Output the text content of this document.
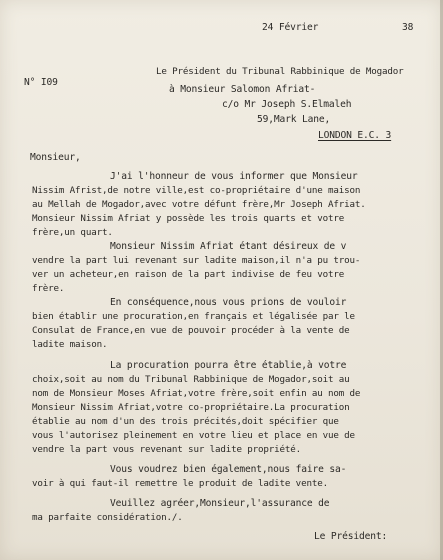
24 Février	38
N° I09
Le Président du Tribunal Rabbinique de Mogador
à Monsieur Salomon Afriat-
c/o Mr Joseph S.Elmaleh
59,Mark Lane,
LONDON E.C. 3
Monsieur,
J'ai l'honneur de vous informer que Monsieur
Nissim Afrist,de notre ville,est co-propriétaire d'une maison
au Mellah de Mogador,avec votre défunt frère,Mr Joseph Afriat.
Monsieur Nissim Afriat y possède les trois quarts et votre
frère,un quart.
Monsieur Nissim Afriat étant désireux de v
vendre la part lui revenant sur ladite maison,il n'a pu trou-
ver un acheteur,en raison de la part indivise de feu votre
frère.
En conséquence,nous vous prions de vouloir
bien établir une procuration,en français et légalisée par le
Consulat de France,en vue de pouvoir procéder à la vente de
ladite maison.
La procuration pourra être établie,à votre
choix,soit au nom du Tribunal Rabbinique de Mogador,soit au
nom de Monsieur Moses Afriat,votre frère,soit enfin au nom de
Monsieur Nissim Afriat,votre co-propriétaire.La procuration
établie au nom d'un des trois précités,doit spécifier que
vous l'autorisez pleinement en votre lieu et place en vue de
vendre la part vous revenant sur ladite propriété.
Vous voudrez bien également,nous faire sa-
voir à qui faut-il remettre le produit de ladite vente.
Veuillez agréer,Monsieur,l'assurance de
ma parfaite considération./.
Le Président:
